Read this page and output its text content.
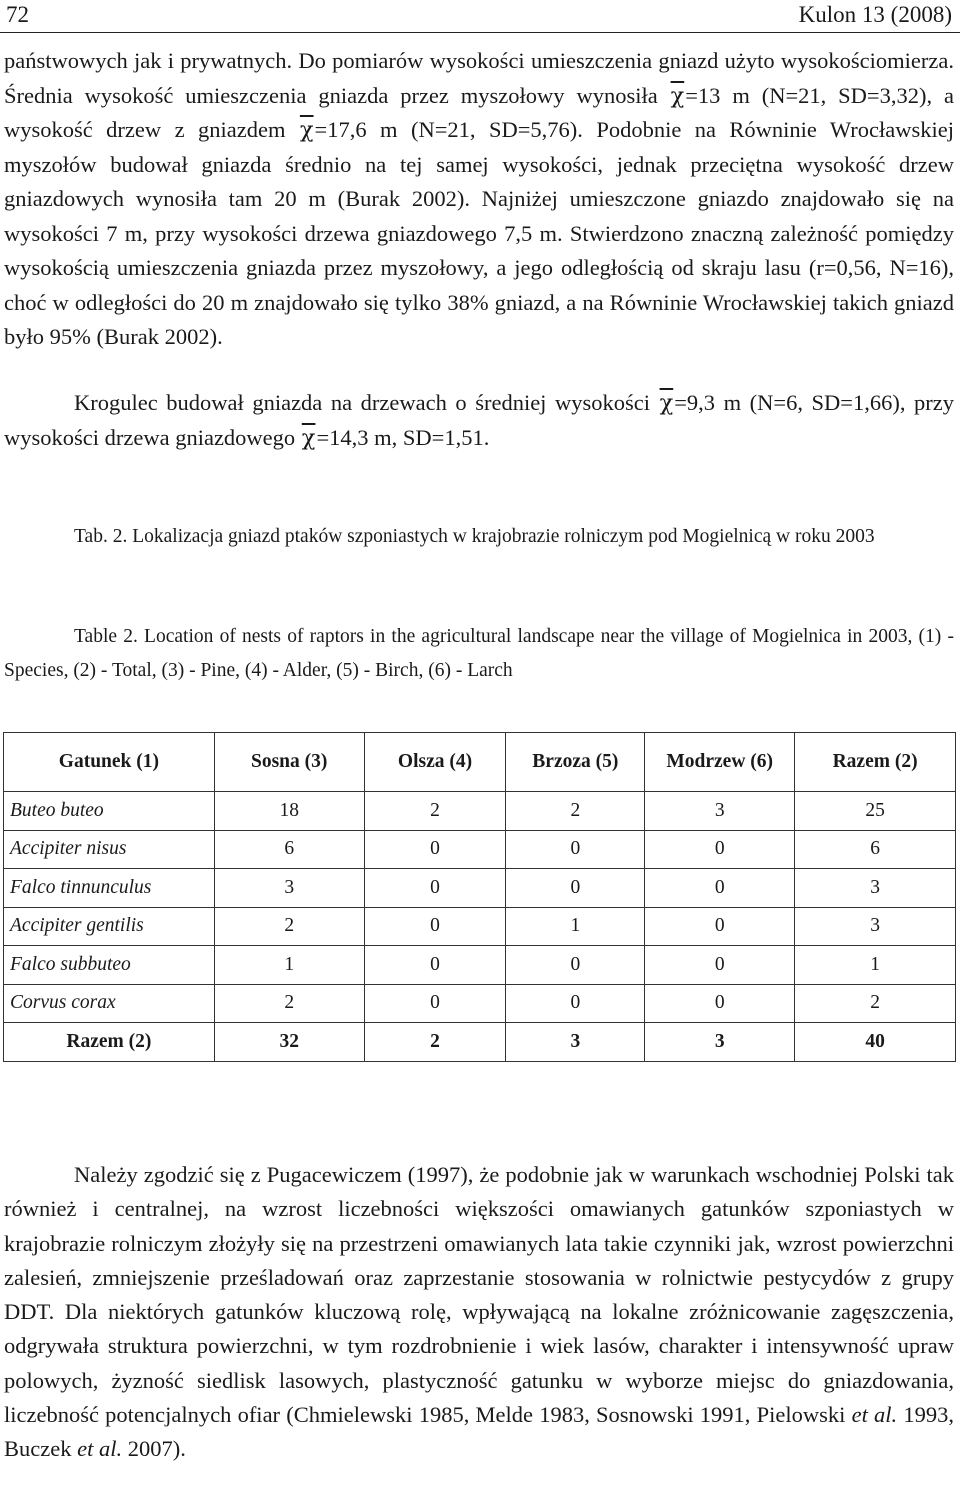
72	Kulon 13 (2008)
państwowych jak i prywatnych. Do pomiarów wysokości umieszczenia gniazd użyto wysokościomierza. Średnia wysokość umieszczenia gniazda przez myszołowy wynosiła $\overline{\chi}=13$ m (N=21, SD=3,32), a wysokość drzew z gniazdem $\overline{\chi}=17,6$ m (N=21, SD=5,76). Podobnie na Równinie Wrocławskiej myszołów budował gniazda średnio na tej samej wysokości, jednak przeciętna wysokość drzew gniazdowych wynosiła tam 20 m (Burak 2002). Najniżej umieszczone gniazdo znajdowało się na wysokości 7 m, przy wysokości drzewa gniazdowego 7,5 m. Stwierdzono znaczną zależność pomiędzy wysokością umieszczenia gniazda przez myszołowy, a jego odległością od skraju lasu (r=0,56, N=16), choć w odległości do 20 m znajdowało się tylko 38% gniazd, a na Równinie Wrocławskiej takich gniazd było 95% (Burak 2002).
Krogulec budował gniazda na drzewach o średniej wysokości $\overline{\chi}=9,3$ m (N=6, SD=1,66), przy wysokości drzewa gniazdowego $\overline{\chi}=14,3$ m, SD=1,51.
Tab. 2. Lokalizacja gniazd ptaków szponiastych w krajobrazie rolniczym pod Mogielnicą w roku 2003
Table 2. Location of nests of raptors in the agricultural landscape near the village of Mogielnica in 2003, (1) - Species, (2) - Total, (3) - Pine, (4) - Alder, (5) - Birch, (6) - Larch
Gatunek (1)	Sosna (3)	Olsza (4)	Brzoza (5)	Modrzew (6)	Razem (2)
Buteo buteo	18	2	2	3	25
Accipiter nisus	6	0	0	0	6
Falco tinnunculus	3	0	0	0	3
Accipiter gentilis	2	0	1	0	3
Falco subbuteo	1	0	0	0	1
Corvus corax	2	0	0	0	2
Razem (2)	32	2	3	3	40
Należy zgodzić się z Pugacewiczem (1997), że podobnie jak w warunkach wschodniej Polski tak również i centralnej, na wzrost liczebności większości omawianych gatunków szponiastych w krajobrazie rolniczym złożyły się na przestrzeni omawianych lata takie czynniki jak, wzrost powierzchni zalesień, zmniejszenie prześladowań oraz zaprzestanie stosowania w rolnictwie pestycydów z grupy DDT. Dla niektórych gatunków kluczową rolę, wpływającą na lokalne zróżnicowanie zagęszczenia, odgrywała struktura powierzchni, w tym rozdrobnienie i wiek lasów, charakter i intensywność upraw polowych, żyzność siedlisk lasowych, plastyczność gatunku w wyborze miejsc do gniazdowania, liczebność potencjalnych ofiar (Chmielewski 1985, Melde 1983, Sosnowski 1991, Pielowski et al. 1993, Buczek et al. 2007).
